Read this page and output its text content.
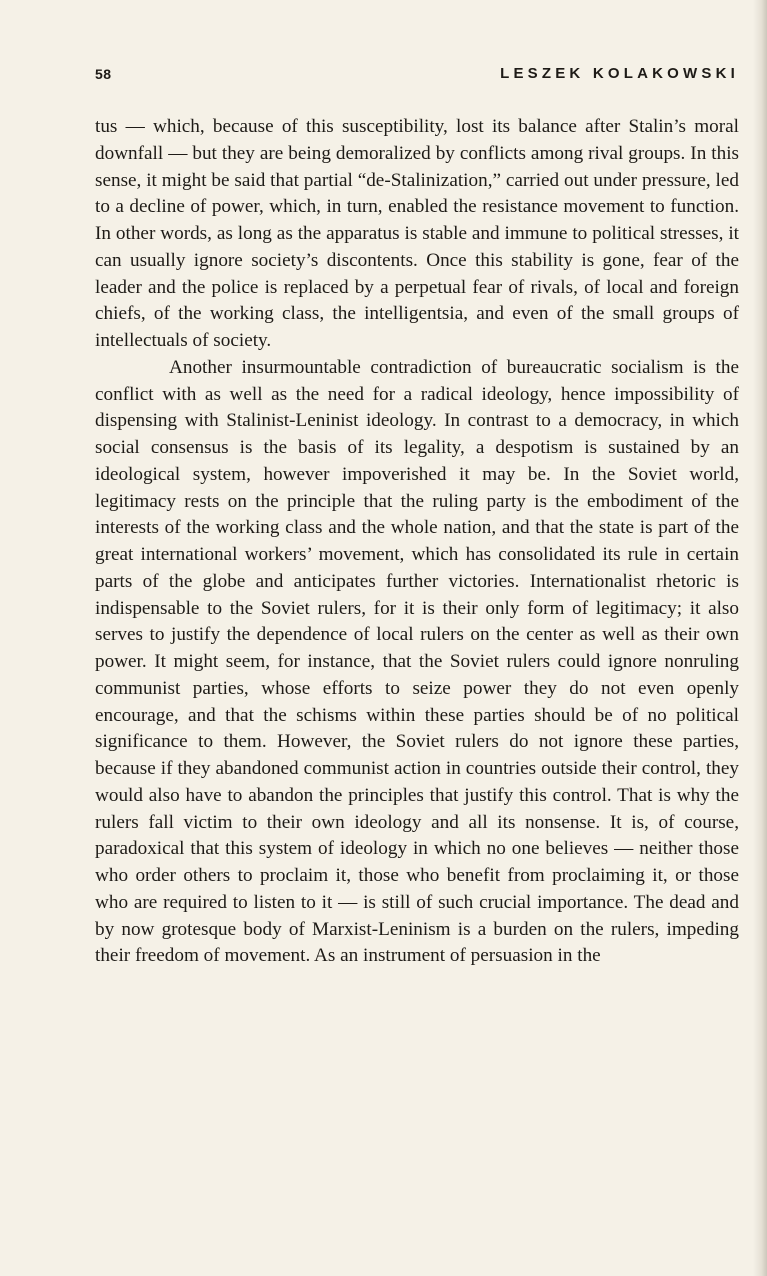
58	LESZEK KOLAKOWSKI

tus — which, because of this susceptibility, lost its balance after Stalin’s moral downfall — but they are being demoralized by conflicts among rival groups. In this sense, it might be said that partial “de-Stalinization,” carried out under pressure, led to a decline of power, which, in turn, enabled the resistance movement to function. In other words, as long as the apparatus is stable and immune to political stresses, it can usually ignore society’s discontents. Once this stability is gone, fear of the leader and the police is replaced by a perpetual fear of rivals, of local and foreign chiefs, of the working class, the intelligentsia, and even of the small groups of intellectuals of society.

Another insurmountable contradiction of bureaucratic socialism is the conflict with as well as the need for a radical ideology, hence impossibility of dispensing with Stalinist-Leninist ideology. In contrast to a democracy, in which social consensus is the basis of its legality, a despotism is sustained by an ideological system, however impoverished it may be. In the Soviet world, legitimacy rests on the principle that the ruling party is the embodiment of the interests of the working class and the whole nation, and that the state is part of the great international workers’ movement, which has consolidated its rule in certain parts of the globe and anticipates further victories. Internationalist rhetoric is indispensable to the Soviet rulers, for it is their only form of legitimacy; it also serves to justify the dependence of local rulers on the center as well as their own power. It might seem, for instance, that the Soviet rulers could ignore nonruling communist parties, whose efforts to seize power they do not even openly encourage, and that the schisms within these parties should be of no political significance to them. However, the Soviet rulers do not ignore these parties, because if they abandoned communist action in countries outside their control, they would also have to abandon the principles that justify this control. That is why the rulers fall victim to their own ideology and all its nonsense. It is, of course, paradoxical that this system of ideology in which no one believes — neither those who order others to proclaim it, those who benefit from proclaiming it, or those who are required to listen to it — is still of such crucial importance. The dead and by now grotesque body of Marxist-Leninism is a burden on the rulers, impeding their freedom of movement. As an instrument of persuasion in the
